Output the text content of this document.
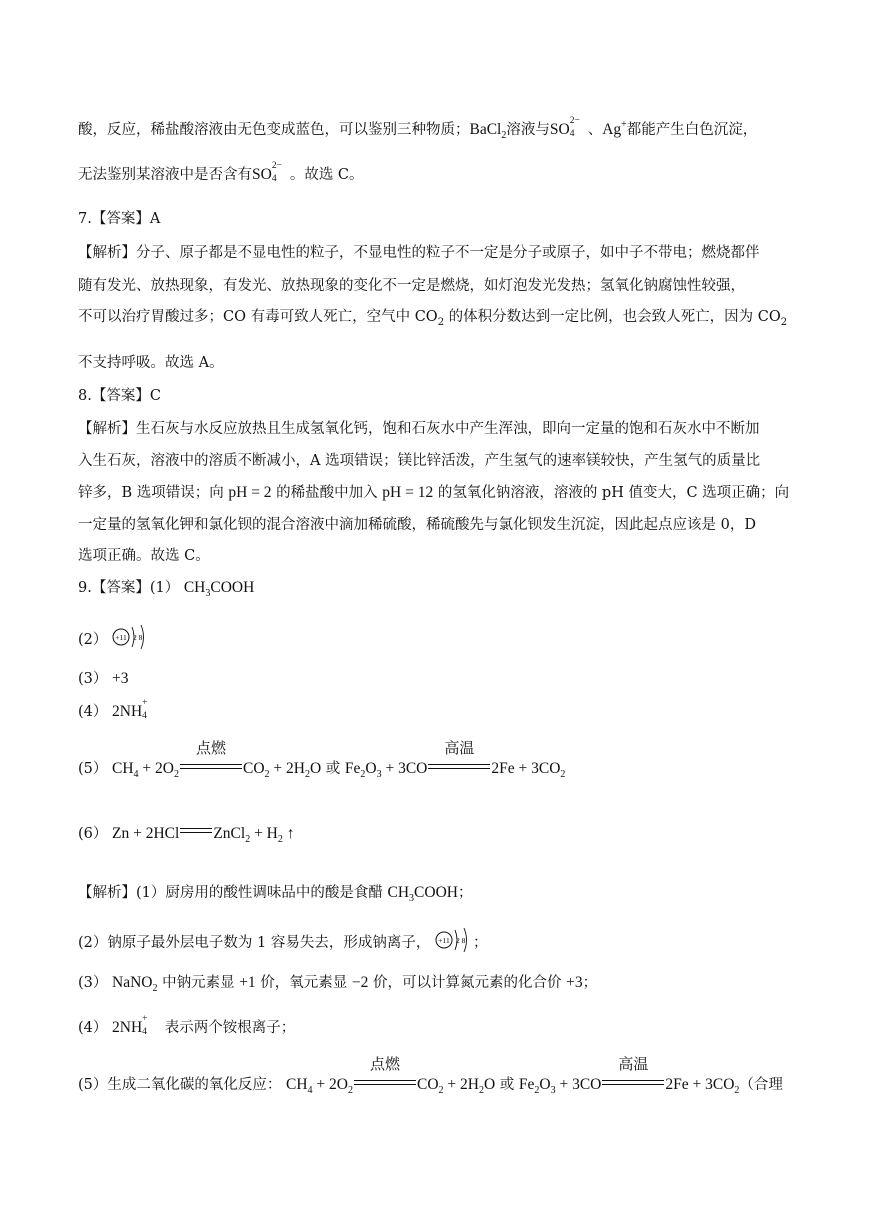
酸，反应，稀盐酸溶液由无色变成蓝色，可以鉴别三种物质；BaCl$_2$溶液与SO 2−
4 、Ag+都能产生白色沉淀，
无法鉴别某溶液中是否含有SO 2−
4 。故选 C。
7.【答案】A
【解析】分子、原子都是不显电性的粒子，不显电性的粒子不一定是分子或原子，如中子不带电；燃烧都伴
随有发光、放热现象，有发光、放热现象的变化不一定是燃烧，如灯泡发光发热；氢氧化钠腐蚀性较强，
不可以治疗胃酸过多；CO 有毒可致人死亡，空气中 $CO_2$ 的体积分数达到一定比例，也会致人死亡，因为 $CO_2$
不支持呼吸。故选 A。
8.【答案】C
【解析】生石灰与水反应放热且生成氢氧化钙，饱和石灰水中产生浑浊，即向一定量的饱和石灰水中不断加
入生石灰，溶液中的溶质不断减小，A 选项错误；镁比锌活泼，产生氢气的速率镁较快，产生氢气的质量比
锌多，B 选项错误；向 pH = 2 的稀盐酸中加入 pH = 12 的氢氧化钠溶液，溶液的 pH 值变大，C 选项正确；向
一定量的氢氧化钾和氯化钡的混合溶液中滴加稀硫酸，稀硫酸先与氯化钡发生沉淀，因此起点应该是 0，D
选项正确。故选 C。
9.【答案】(1） $CH_3COOH$
(2） +11 2 8
(3） +3
(4） 2NH +
4
(5） $CH_4 + 2O_2$
点燃
$CO_2 + 2H_2O$ 或 $Fe_2O_3 + 3CO$
高温
$2Fe + 3CO_2$
(6） Zn + 2HCl ZnCl$_2$ + $H_2$ ↑
【解析】(1）厨房用的酸性调味品中的酸是食醋 $CH_3COOH$；
(2）钠原子最外层电子数为 1 容易失去，形成钠离子， +11 2 8 ；
(3） NaNO$_2$ 中钠元素显 +1 价，氧元素显 −2 价，可以计算氮元素的化合价 +3；
(4） 2NH +
4 表示两个铵根离子；
(5）生成二氧化碳的氧化反应： $CH_4 + 2O_2$
点燃
$CO_2 + 2H_2O$ 或 $Fe_2O_3 + 3CO$
高温
$2Fe + 3CO_2$（合理
